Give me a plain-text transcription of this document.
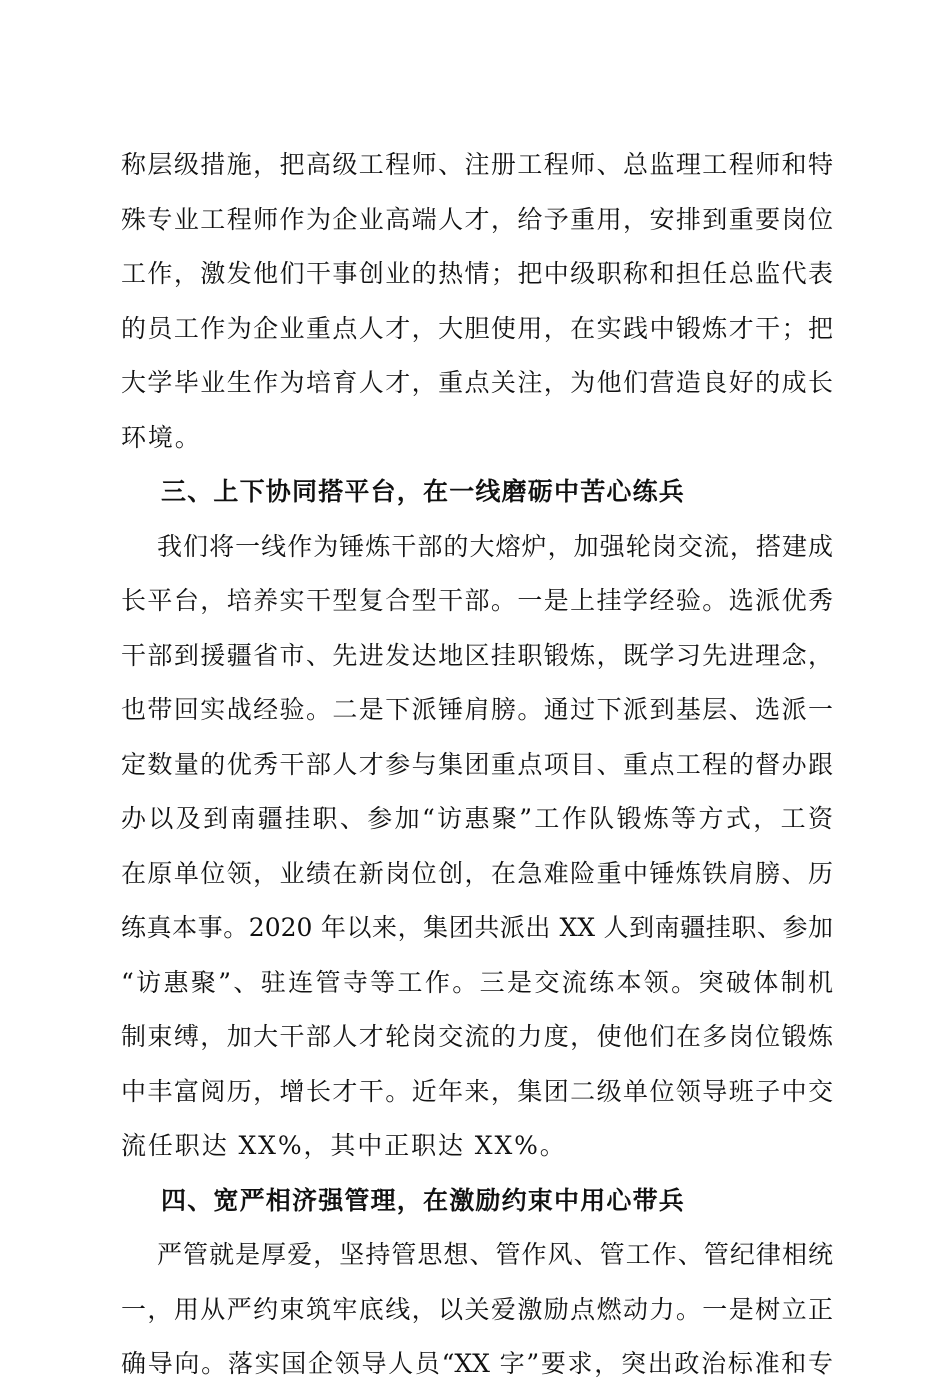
称层级措施，把高级工程师、注册工程师、总监理工程师和特
殊专业工程师作为企业高端人才，给予重用，安排到重要岗位
工作，激发他们干事创业的热情；把中级职称和担任总监代表
的员工作为企业重点人才，大胆使用，在实践中锻炼才干；把
大学毕业生作为培育人才，重点关注，为他们营造良好的成长
环境。
三、上下协同搭平台，在一线磨砺中苦心练兵
我们将一线作为锤炼干部的大熔炉，加强轮岗交流，搭建成
长平台，培养实干型复合型干部。一是上挂学经验。选派优秀
干部到援疆省市、先进发达地区挂职锻炼，既学习先进理念，
也带回实战经验。二是下派锤肩膀。通过下派到基层、选派一
定数量的优秀干部人才参与集团重点项目、重点工程的督办跟
办以及到南疆挂职、参加“访惠聚”工作队锻炼等方式，工资
在原单位领，业绩在新岗位创，在急难险重中锤炼铁肩膀、历
练真本事。2020 年以来，集团共派出 XX 人到南疆挂职、参加
“访惠聚”、驻连管寺等工作。三是交流练本领。突破体制机
制束缚，加大干部人才轮岗交流的力度，使他们在多岗位锻炼
中丰富阅历，增长才干。近年来，集团二级单位领导班子中交
流任职达 XX%，其中正职达 XX%。
四、宽严相济强管理，在激励约束中用心带兵
严管就是厚爱，坚持管思想、管作风、管工作、管纪律相统
一，用从严约束筑牢底线，以关爱激励点燃动力。一是树立正
确导向。落实国企领导人员“XX 字”要求，突出政治标准和专
